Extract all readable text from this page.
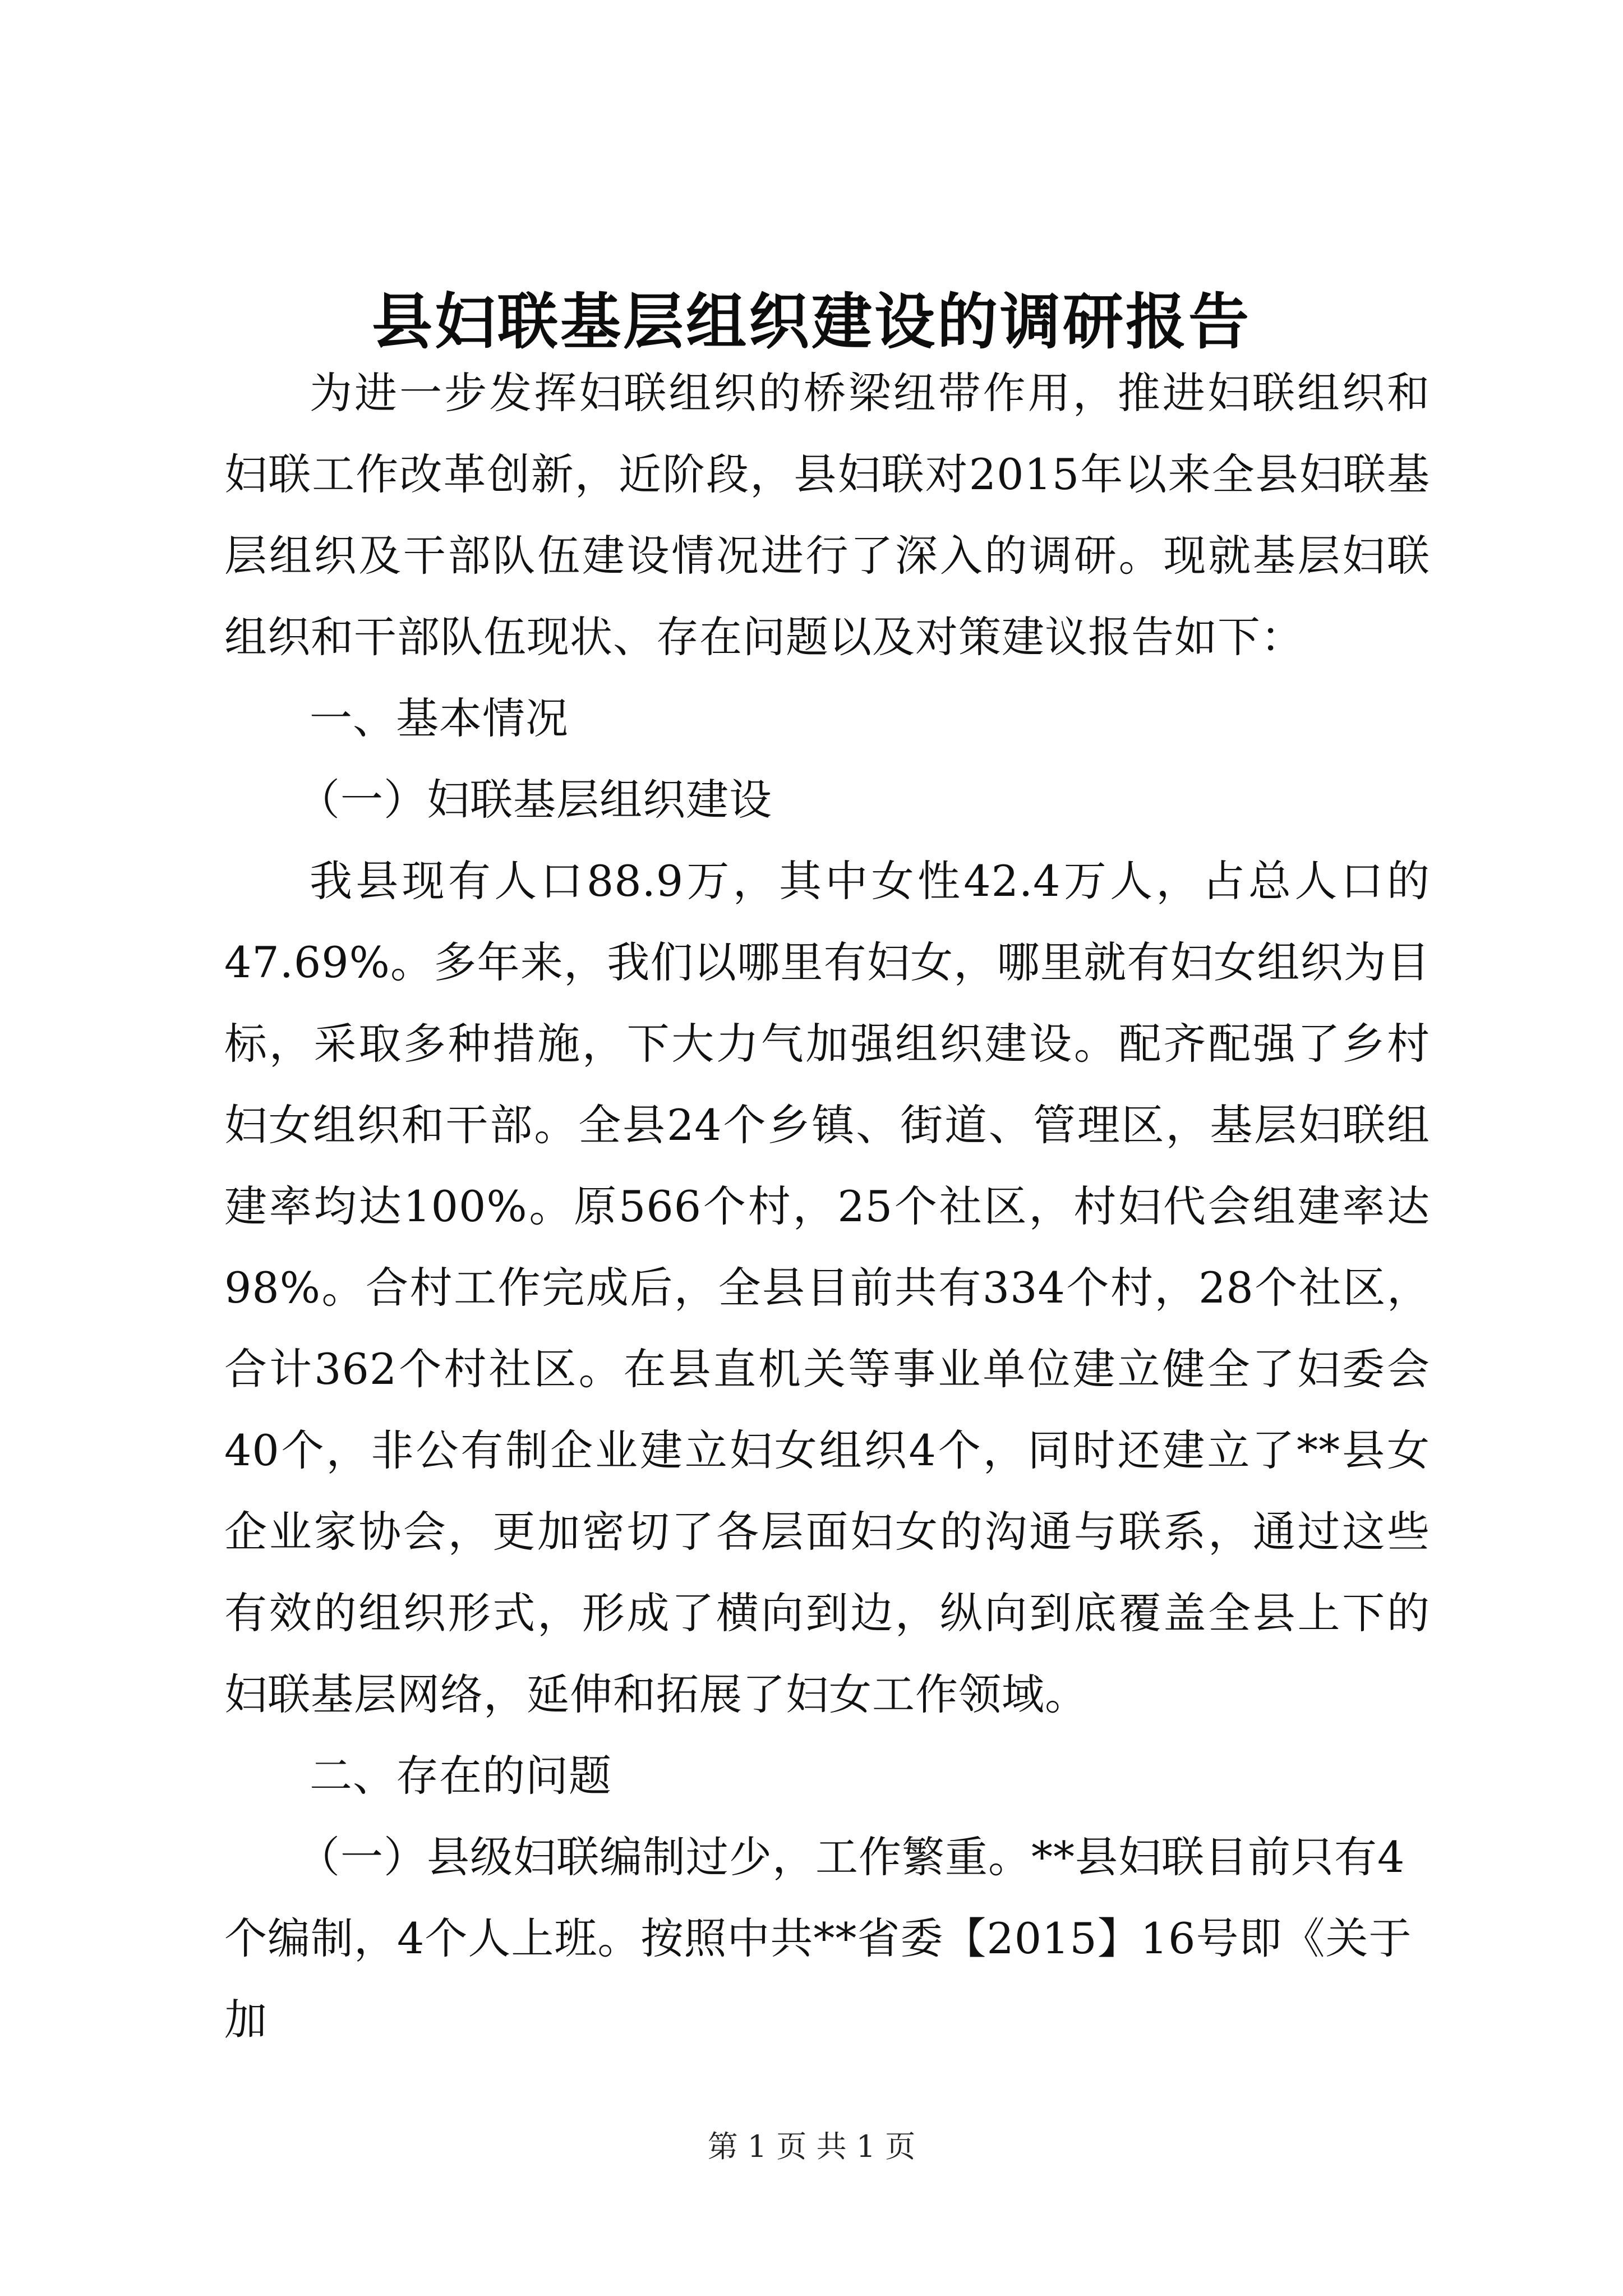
县妇联基层组织建设的调研报告

为进一步发挥妇联组织的桥梁纽带作用，推进妇联组织和妇联工作改革创新，近阶段，县妇联对2015年以来全县妇联基层组织及干部队伍建设情况进行了深入的调研。现就基层妇联组织和干部队伍现状、存在问题以及对策建议报告如下：

一、基本情况

（一）妇联基层组织建设

我县现有人口88.9万，其中女性42.4万人，占总人口的47.69%。多年来，我们以哪里有妇女，哪里就有妇女组织为目标，采取多种措施，下大力气加强组织建设。配齐配强了乡村妇女组织和干部。全县24个乡镇、街道、管理区，基层妇联组建率均达100%。原566个村，25个社区，村妇代会组建率达98%。合村工作完成后，全县目前共有334个村，28个社区，合计362个村社区。在县直机关等事业单位建立健全了妇委会40个，非公有制企业建立妇女组织4个，同时还建立了**县女企业家协会，更加密切了各层面妇女的沟通与联系，通过这些有效的组织形式，形成了横向到边，纵向到底覆盖全县上下的妇联基层网络，延伸和拓展了妇女工作领域。

二、存在的问题

（一）县级妇联编制过少，工作繁重。**县妇联目前只有4个编制，4个人上班。按照中共**省委【2015】16号即《关于加

第 1 页 共 1 页
